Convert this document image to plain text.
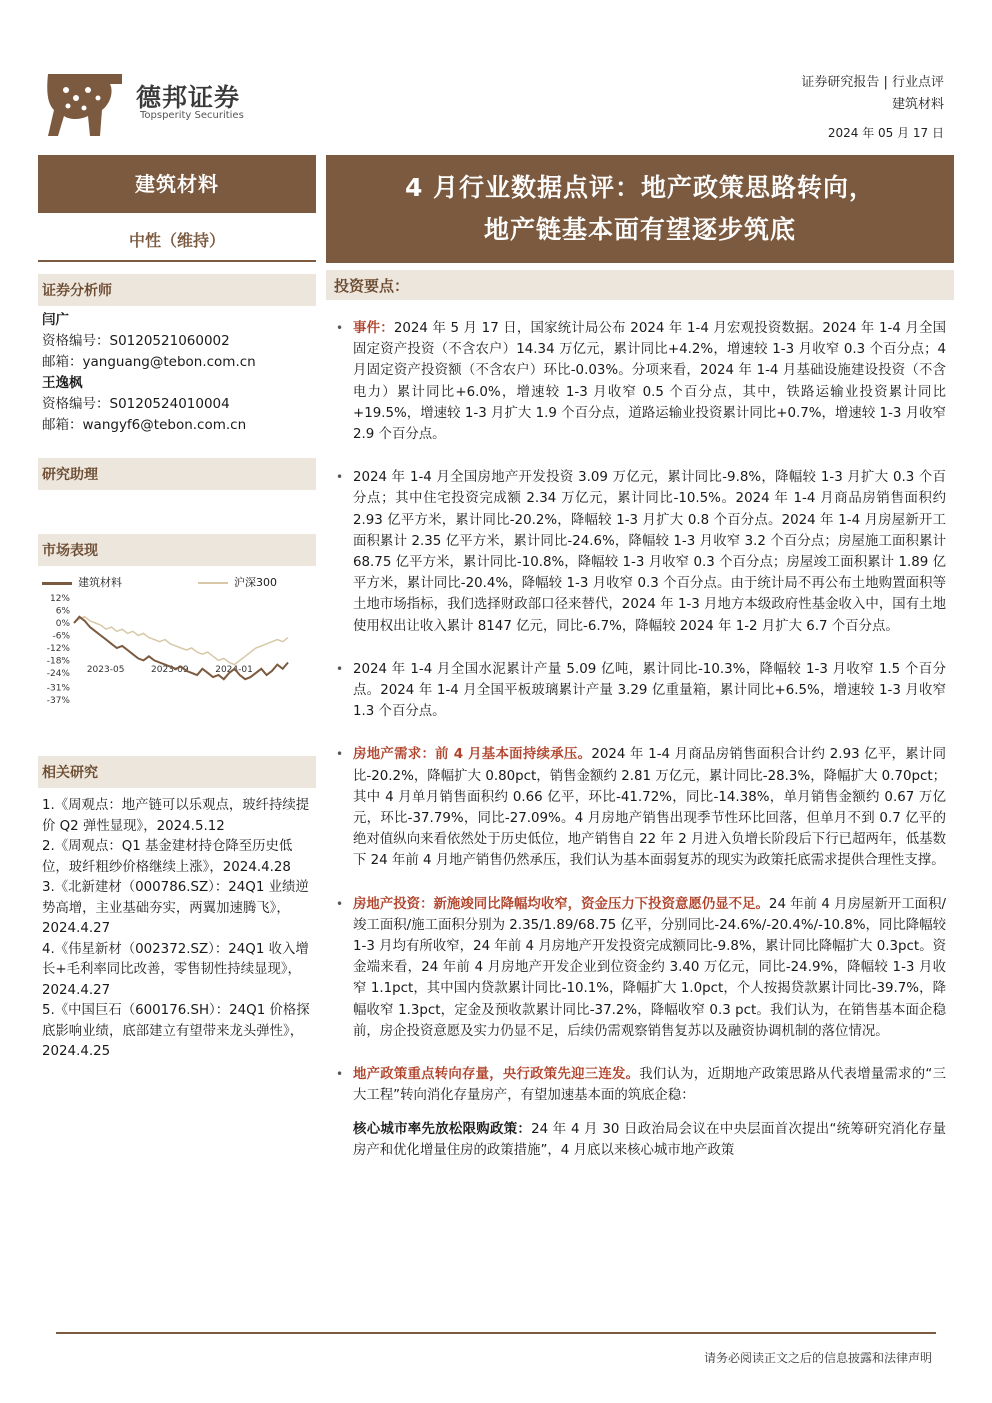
德邦证券
Topsperity Securities
证券研究报告 | 行业点评
建筑材料
2024 年 05 月 17 日
建筑材料
中性（维持）
证券分析师
闫广
资格编号：S0120521060002
邮箱：yanguang@tebon.com.cn
王逸枫
资格编号：S0120524010004
邮箱：wangyf6@tebon.com.cn
研究助理
市场表现
建筑材料	沪深300
12%
6%
0%
-6%
-12%
-18%
-24%
-31%
-37%
2023-05	2023-09	2024-01
相关研究
1.《周观点：地产链可以乐观点，玻纤持续提价 Q2 弹性显现》，2024.5.12
2.《周观点：Q1 基金建材持仓降至历史低位，玻纤粗纱价格继续上涨》，2024.4.28
3.《北新建材（000786.SZ）：24Q1 业绩逆势高增，主业基础夯实，两翼加速腾飞》，2024.4.27
4.《伟星新材（002372.SZ）：24Q1 收入增长+毛利率同比改善，零售韧性持续显现》，2024.4.27
5.《中国巨石（600176.SH）：24Q1 价格探底影响业绩，底部建立有望带来龙头弹性》，2024.4.25
4 月行业数据点评：地产政策思路转向，
地产链基本面有望逐步筑底
投资要点：
• 事件：2024 年 5 月 17 日，国家统计局公布 2024 年 1-4 月宏观投资数据。2024 年 1-4 月全国固定资产投资（不含农户）14.34 万亿元，累计同比+4.2%，增速较 1-3 月收窄 0.3 个百分点；4 月固定资产投资额（不含农户）环比-0.03%。分项来看，2024 年 1-4 月基础设施建设投资（不含电力）累计同比+6.0%，增速较 1-3 月收窄 0.5 个百分点，其中，铁路运输业投资累计同比+19.5%，增速较 1-3 月扩大 1.9 个百分点，道路运输业投资累计同比+0.7%，增速较 1-3 月收窄 2.9 个百分点。
• 2024 年 1-4 月全国房地产开发投资 3.09 万亿元，累计同比-9.8%，降幅较 1-3 月扩大 0.3 个百分点；其中住宅投资完成额 2.34 万亿元，累计同比-10.5%。2024 年 1-4 月商品房销售面积约 2.93 亿平方米，累计同比-20.2%，降幅较 1-3 月扩大 0.8 个百分点。2024 年 1-4 月房屋新开工面积累计 2.35 亿平方米，累计同比-24.6%，降幅较 1-3 月收窄 3.2 个百分点；房屋施工面积累计 68.75 亿平方米，累计同比-10.8%，降幅较 1-3 月收窄 0.3 个百分点；房屋竣工面积累计 1.89 亿平方米，累计同比-20.4%，降幅较 1-3 月收窄 0.3 个百分点。由于统计局不再公布土地购置面积等土地市场指标，我们选择财政部口径来替代，2024 年 1-3 月地方本级政府性基金收入中，国有土地使用权出让收入累计 8147 亿元，同比-6.7%，降幅较 2024 年 1-2 月扩大 6.7 个百分点。
• 2024 年 1-4 月全国水泥累计产量 5.09 亿吨，累计同比-10.3%，降幅较 1-3 月收窄 1.5 个百分点。2024 年 1-4 月全国平板玻璃累计产量 3.29 亿重量箱，累计同比+6.5%，增速较 1-3 月收窄 1.3 个百分点。
• 房地产需求：前 4 月基本面持续承压。2024 年 1-4 月商品房销售面积合计约 2.93 亿平，累计同比-20.2%，降幅扩大 0.80pct，销售金额约 2.81 万亿元，累计同比-28.3%，降幅扩大 0.70pct；其中 4 月单月销售面积约 0.66 亿平，环比-41.72%，同比-14.38%，单月销售金额约 0.67 万亿元，环比-37.79%，同比-27.09%。4 月房地产销售出现季节性环比回落，但单月不到 0.7 亿平的绝对值纵向来看依然处于历史低位，地产销售自 22 年 2 月进入负增长阶段后下行已超两年，低基数下 24 年前 4 月地产销售仍然承压，我们认为基本面弱复苏的现实为政策托底需求提供合理性支撑。
• 房地产投资：新施竣同比降幅均收窄，资金压力下投资意愿仍显不足。24 年前 4 月房屋新开工面积/竣工面积/施工面积分别为 2.35/1.89/68.75 亿平，分别同比-24.6%/-20.4%/-10.8%，同比降幅较 1-3 月均有所收窄，24 年前 4 月房地产开发投资完成额同比-9.8%，累计同比降幅扩大 0.3pct。资金端来看，24 年前 4 月房地产开发企业到位资金约 3.40 万亿元，同比-24.9%，降幅较 1-3 月收窄 1.1pct，其中国内贷款累计同比-10.1%，降幅扩大 1.0pct，个人按揭贷款累计同比-39.7%，降幅收窄 1.3pct，定金及预收款累计同比-37.2%，降幅收窄 0.3 pct。我们认为，在销售基本面企稳前，房企投资意愿及实力仍显不足，后续仍需观察销售复苏以及融资协调机制的落位情况。
• 地产政策重点转向存量，央行政策先迎三连发。我们认为，近期地产政策思路从代表增量需求的“三大工程”转向消化存量房产，有望加速基本面的筑底企稳：
核心城市率先放松限购政策：24 年 4 月 30 日政治局会议在中央层面首次提出“统筹研究消化存量房产和优化增量住房的政策措施”，4 月底以来核心城市地产政策
请务必阅读正文之后的信息披露和法律声明
